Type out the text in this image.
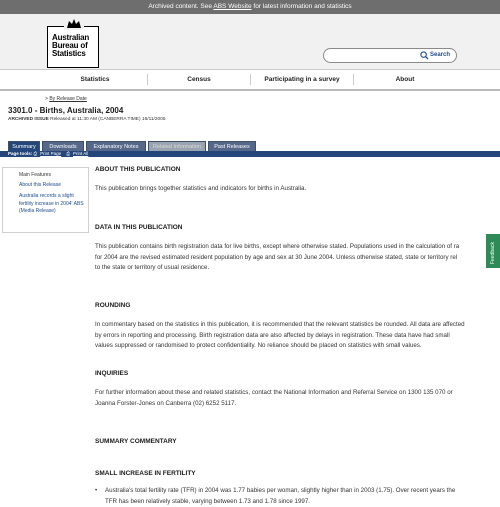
Archived content. See ABS Website for latest information and statistics
Australian
Bureau of
Statistics	Search
Statistics	Census	Participating in a survey	About
> By Release Date
3301.0 - Births, Australia, 2004
ARCHIVED ISSUE Released at 11:30 AM (CANBERRA TIME) 16/11/2005
Summary	Downloads	Explanatory Notes	Related Information	Past Releases
Page tools: ⎙ Print Page ⎙ Print All
Main Features
About this Release
Australia records a slight fertility increase in 2004' ABS (Media Release)
ABOUT THIS PUBLICATION
This publication brings together statistics and indicators for births in Australia.
DATA IN THIS PUBLICATION
This publication contains birth registration data for live births, except where otherwise stated. Populations used in the calculation of ra
for 2004 are the revised estimated resident population by age and sex at 30 June 2004. Unless otherwise stated, state or territory rel
to the state or territory of usual residence.
ROUNDING
In commentary based on the statistics in this publication, it is recommended that the relevant statistics be rounded. All data are affected
by errors in reporting and processing. Birth registration data are also affected by delays in registration. These data have had small
values suppressed or randomised to protect confidentiality. No reliance should be placed on statistics with small values.
INQUIRIES
For further information about these and related statistics, contact the National Information and Referral Service on 1300 135 070 or
Joanna Forster-Jones on Canberra (02) 6252 5117.
SUMMARY COMMENTARY
SMALL INCREASE IN FERTILITY
•	Australia's total fertility rate (TFR) in 2004 was 1.77 babies per woman, slightly higher than in 2003 (1.75). Over recent years the
TFR has been relatively stable, varying between 1.73 and 1.78 since 1997.
Feedback
